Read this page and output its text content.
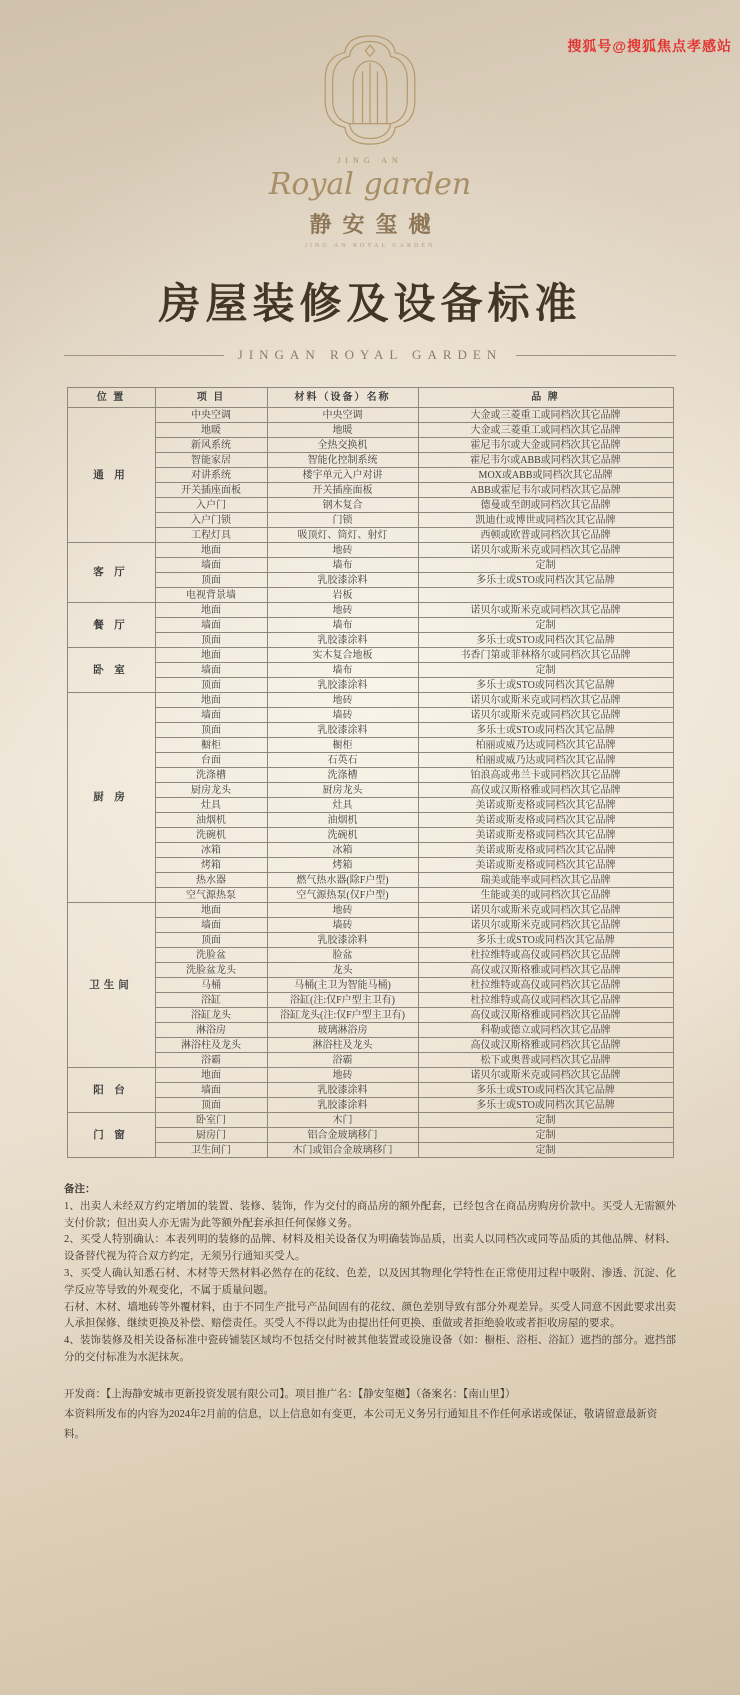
搜狐号@搜狐焦点孝感站
JING AN
Royal garden
静安玺樾
JING AN ROYAL GARDEN
房屋装修及设备标准
JINGAN ROYAL GARDEN
位 置	项 目	材料（设备）名称	品 牌
通 用	中央空调	中央空调	大金或三菱重工或同档次其它品牌
	地暖	地暖	大金或三菱重工或同档次其它品牌
	新风系统	全热交换机	霍尼韦尔或大金或同档次其它品牌
	智能家居	智能化控制系统	霍尼韦尔或ABB或同档次其它品牌
	对讲系统	楼宇单元入户对讲	MOX或ABB或同档次其它品牌
	开关插座面板	开关插座面板	ABB或霍尼韦尔或同档次其它品牌
	入户门	钢木复合	德曼或至朗或同档次其它品牌
	入户门锁	门锁	凯迪仕或博世或同档次其它品牌
	工程灯具	吸顶灯、筒灯、射灯	西顿或欧普或同档次其它品牌
客 厅	地面	地砖	诺贝尔或斯米克或同档次其它品牌
	墙面	墙布	定制
	顶面	乳胶漆涂料	多乐士或STO或同档次其它品牌
	电视背景墙	岩板	
餐 厅	地面	地砖	诺贝尔或斯米克或同档次其它品牌
	墙面	墙布	定制
	顶面	乳胶漆涂料	多乐士或STO或同档次其它品牌
卧 室	地面	实木复合地板	书香门第或菲林格尔或同档次其它品牌
	墙面	墙布	定制
	顶面	乳胶漆涂料	多乐士或STO或同档次其它品牌
厨 房	地面	地砖	诺贝尔或斯米克或同档次其它品牌
	墙面	墙砖	诺贝尔或斯米克或同档次其它品牌
	顶面	乳胶漆涂料	多乐士或STO或同档次其它品牌
	橱柜	橱柜	柏丽或威乃达或同档次其它品牌
	台面	石英石	柏丽或威乃达或同档次其它品牌
	洗涤槽	洗涤槽	铂浪高或弗兰卡或同档次其它品牌
	厨房龙头	厨房龙头	高仪或汉斯格雅或同档次其它品牌
	灶具	灶具	美诺或斯麦格或同档次其它品牌
	油烟机	油烟机	美诺或斯麦格或同档次其它品牌
	洗碗机	洗碗机	美诺或斯麦格或同档次其它品牌
	冰箱	冰箱	美诺或斯麦格或同档次其它品牌
	烤箱	烤箱	美诺或斯麦格或同档次其它品牌
	热水器	燃气热水器(除F户型)	瑞美或能率或同档次其它品牌
	空气源热泵	空气源热泵(仅F户型)	生能或美的或同档次其它品牌
卫生间	地面	地砖	诺贝尔或斯米克或同档次其它品牌
	墙面	墙砖	诺贝尔或斯米克或同档次其它品牌
	顶面	乳胶漆涂料	多乐士或STO或同档次其它品牌
	洗脸盆	脸盆	杜拉维特或高仪或同档次其它品牌
	洗脸盆龙头	龙头	高仪或汉斯格雅或同档次其它品牌
	马桶	马桶(主卫为智能马桶)	杜拉维特或高仪或同档次其它品牌
	浴缸	浴缸(注:仅F户型主卫有)	杜拉维特或高仪或同档次其它品牌
	浴缸龙头	浴缸龙头(注:仅F户型主卫有)	高仪或汉斯格雅或同档次其它品牌
	淋浴房	玻璃淋浴房	科勒或德立或同档次其它品牌
	淋浴柱及龙头	淋浴柱及龙头	高仪或汉斯格雅或同档次其它品牌
	浴霸	浴霸	松下或奥普或同档次其它品牌
阳 台	地面	地砖	诺贝尔或斯米克或同档次其它品牌
	墙面	乳胶漆涂料	多乐士或STO或同档次其它品牌
	顶面	乳胶漆涂料	多乐士或STO或同档次其它品牌
门 窗	卧室门	木门	定制
	厨房门	铝合金玻璃移门	定制
	卫生间门	木门或铝合金玻璃移门	定制

备注：

1、出卖人未经双方约定增加的装置、装修、装饰，作为交付的商品房的额外配套，已经包含在商品房购房价款中。买受人无需额外支付价款；但出卖人亦无需为此等额外配套承担任何保修义务。

2、买受人特别确认：本表列明的装修的品牌、材料及相关设备仅为明确装饰品质，出卖人以同档次或同等品质的其他品牌、材料、设备替代视为符合双方约定，无须另行通知买受人。

3、买受人确认知悉石材、木材等天然材料必然存在的花纹、色差，以及因其物理化学特性在正常使用过程中吸附、渗透、沉淀、化学反应等导致的外观变化，不属于质量问题。

石材、木材、墙地砖等外覆材料，由于不同生产批号产品间固有的花纹、颜色差别导致有部分外观差异。买受人同意不因此要求出卖人承担保修、继续更换及补偿、赔偿责任。买受人不得以此为由提出任何更换、重做或者拒绝验收或者拒收房屋的要求。

4、装饰装修及相关设备标准中瓷砖铺装区域均不包括交付时被其他装置或设施设备（如：橱柜、浴柜、浴缸）遮挡的部分。遮挡部分的交付标准为水泥抹灰。

开发商：【上海静安城市更新投资发展有限公司】。项目推广名：【静安玺樾】（备案名：【南山里】）

本资料所发布的内容为2024年2月前的信息，以上信息如有变更，本公司无义务另行通知且不作任何承诺或保证，敬请留意最新资料。
